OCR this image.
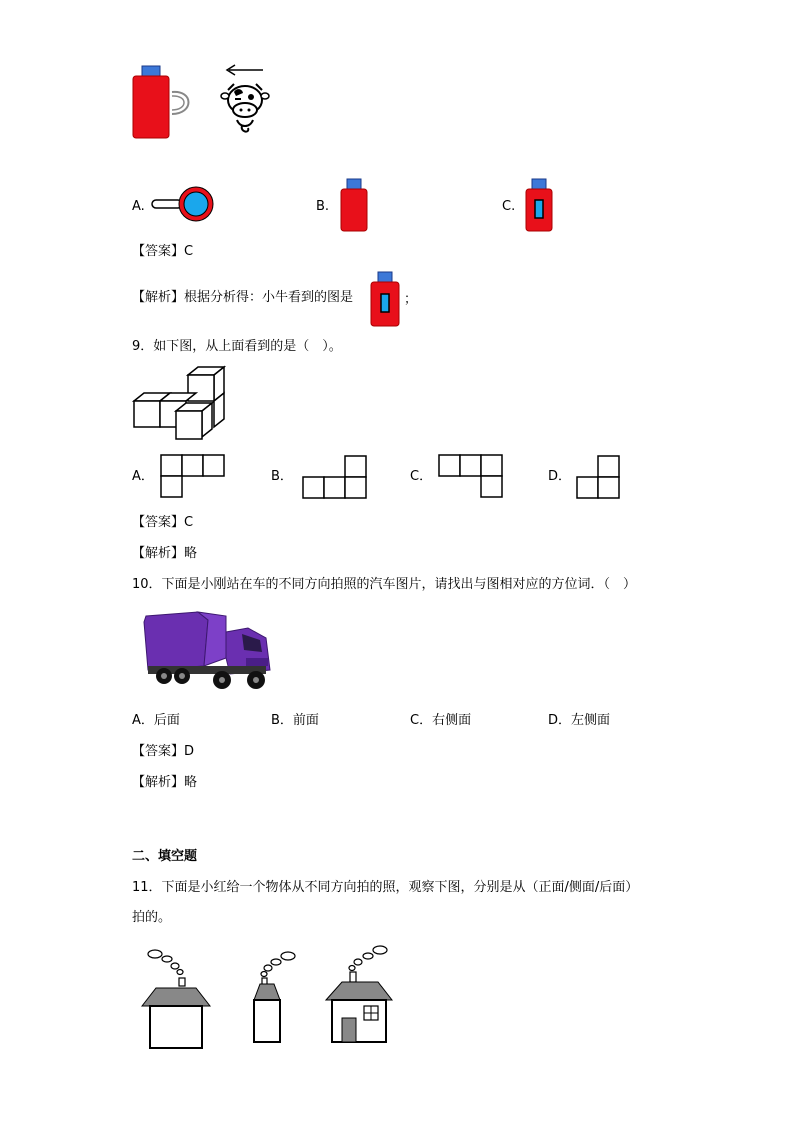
A.	B.	C.
【答案】C
【解析】根据分析得：小牛看到的图是	；
9．如下图，从上面看到的是（　）。
A．	B．	C．	D．
【答案】C
【解析】略
10．下面是小刚站在车的不同方向拍照的汽车图片，请找出与图相对应的方位词．（　）
A．后面	B．前面	C．右侧面	D．左侧面
【答案】D
【解析】略
二、填空题
11．下面是小红给一个物体从不同方向拍的照，观察下图，分别是从（正面/侧面/后面）
拍的。
